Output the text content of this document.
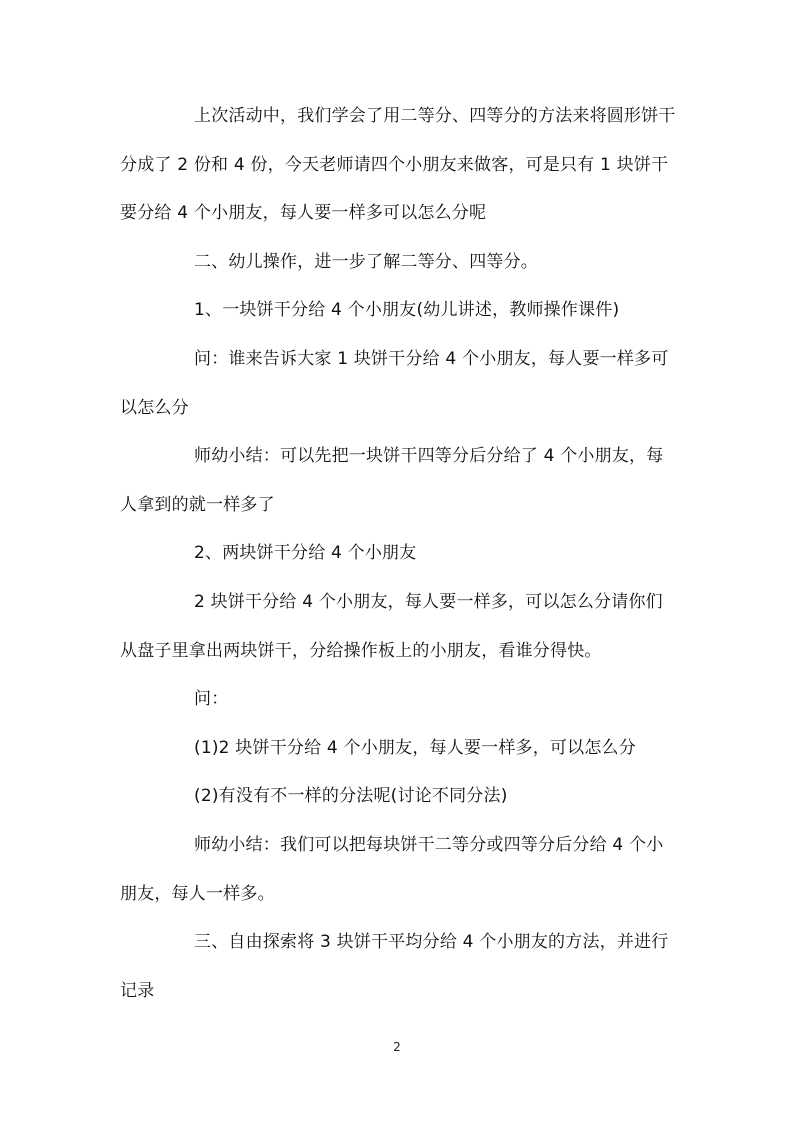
上次活动中，我们学会了用二等分、四等分的方法来将圆形饼干分成了 2 份和 4 份，今天老师请四个小朋友来做客，可是只有 1 块饼干要分给 4 个小朋友，每人要一样多可以怎么分呢

二、幼儿操作，进一步了解二等分、四等分。

1、一块饼干分给 4 个小朋友(幼儿讲述，教师操作课件)

问：谁来告诉大家 1 块饼干分给 4 个小朋友，每人要一样多可以怎么分

师幼小结：可以先把一块饼干四等分后分给了 4 个小朋友，每人拿到的就一样多了

2、两块饼干分给 4 个小朋友

2 块饼干分给 4 个小朋友，每人要一样多，可以怎么分请你们从盘子里拿出两块饼干，分给操作板上的小朋友，看谁分得快。

问：

(1)2 块饼干分给 4 个小朋友，每人要一样多，可以怎么分

(2)有没有不一样的分法呢(讨论不同分法)

师幼小结：我们可以把每块饼干二等分或四等分后分给 4 个小朋友，每人一样多。

三、自由探索将 3 块饼干平均分给 4 个小朋友的方法，并进行记录

2
